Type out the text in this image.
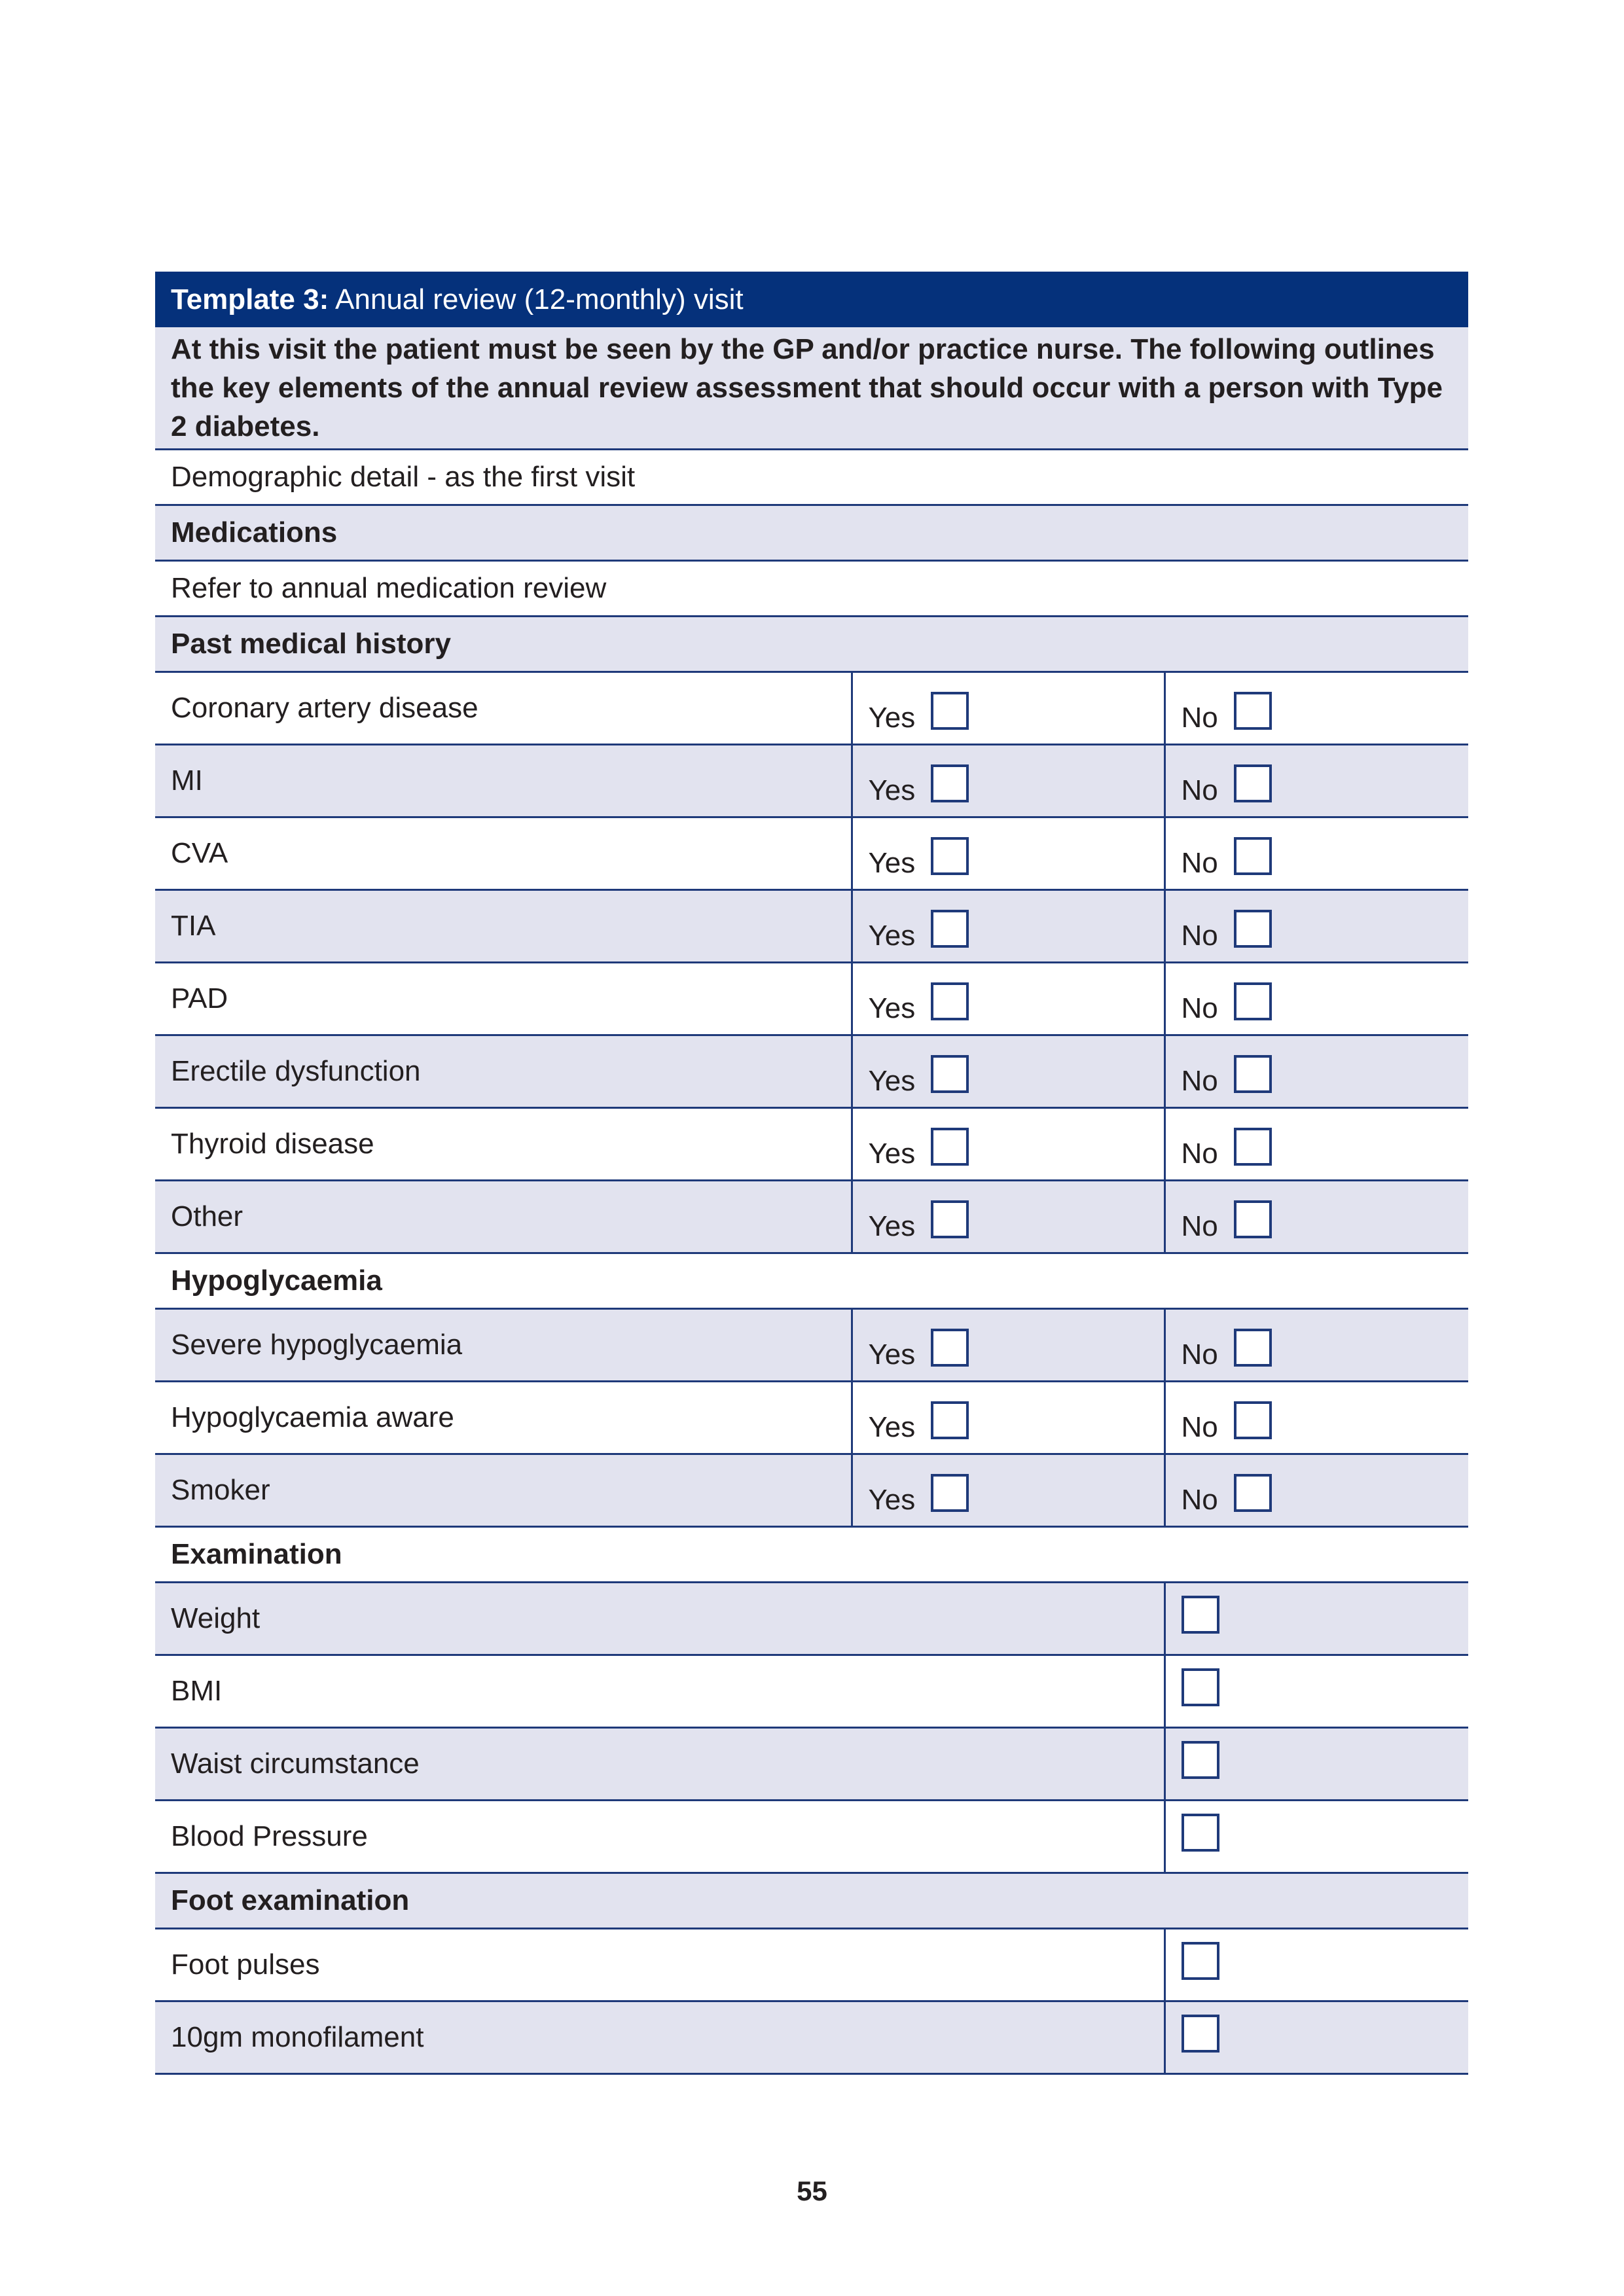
Template 3: Annual review (12-monthly) visit		
At this visit the patient must be seen by the GP and/or practice nurse. The following outlines the key elements of the annual review assessment that should occur with a person with Type 2 diabetes.		
Demographic detail - as the first visit		
Medications		
Refer to annual medication review		
Past medical history		
Coronary artery disease	Yes	No

MI	Yes	No

CVA	Yes	No

TIA	Yes	No

PAD	Yes	No

Erectile dysfunction	Yes	No

Thyroid disease	Yes	No

Other	Yes	No

Hypoglycaemia		
Severe hypoglycaemia	Yes	No

Hypoglycaemia aware	Yes	No

Smoker	Yes	No

Examination		
Weight		
BMI		
Waist circumstance		
Blood Pressure		
Foot examination		
Foot pulses		
10gm monofilament		
55
